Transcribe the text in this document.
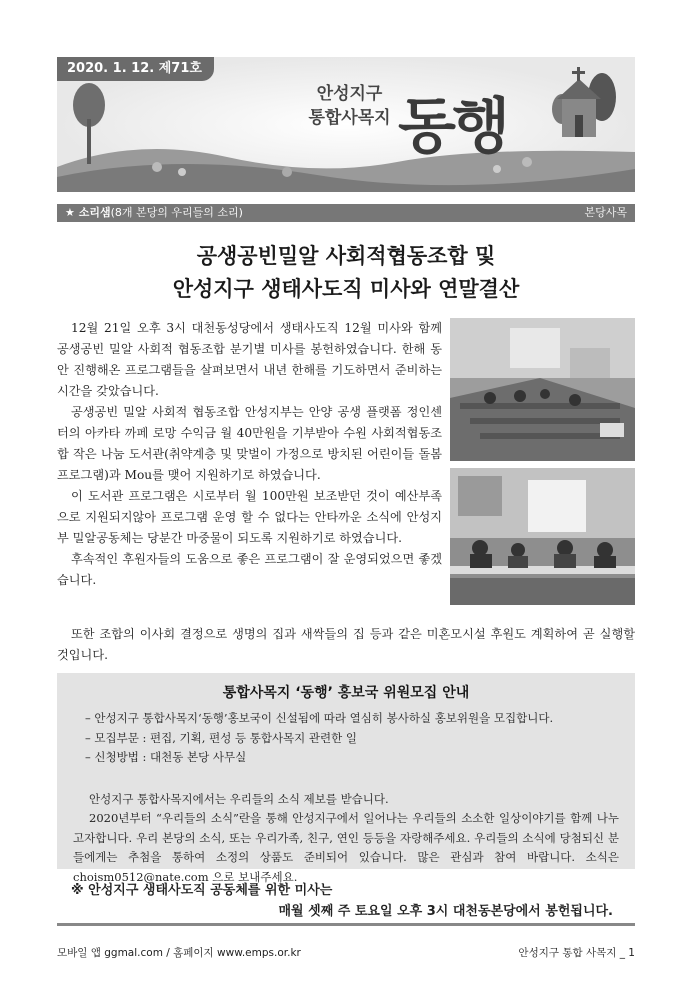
2020. 1. 12. 제71호
안성지구
통합사목지 동행
★ 소리샘(8개 본당의 우리들의 소리)	본당사목
공생공빈밀알 사회적협동조합 및
안성지구 생태사도직 미사와 연말결산

12월 21일 오후 3시 대천동성당에서 생태사도직 12월 미사와 함께 공생공빈 밀알 사회적 협동조합 분기별 미사를 봉헌하였습니다. 한해 동안 진행해온 프로그램들을 살펴보면서 내년 한해를 기도하면서 준비하는 시간을 갖았습니다.

공생공빈 밀알 사회적 협동조합 안성지부는 안양 공생 플랫폼 정인센터의 아카타 까페 로망 수익금 월 40만원을 기부받아 수원 사회적협동조합 작은 나눔 도서관(취약계층 및 맞벌이 가정으로 방치된 어린이들 돌봄 프로그램)과 Mou를 맺어 지원하기로 하였습니다.

이 도서관 프로그램은 시로부터 월 100만원 보조받던 것이 예산부족으로 지원되지않아 프로그램 운영 할 수 없다는 안타까운 소식에 안성지부 밀알공동체는 당분간 마중물이 되도록 지원하기로 하였습니다.

후속적인 후원자들의 도움으로 좋은 프로그램이 잘 운영되었으면 좋겠습니다.

또한 조합의 이사회 결정으로 생명의 집과 새싹들의 집 등과 같은 미혼모시설 후원도 계획하여 곧 실행할 것입니다.

통합사목지 ‘동행’ 홍보국 위원모집 안내
– 안성지구 통합사목지‘동행’홍보국이 신설됨에 따라 열심히 봉사하실 홍보위원을 모집합니다.
– 모집부문 : 편집, 기획, 편성 등 통합사목지 관련한 일
– 신청방법 : 대천동 본당 사무실

안성지구 통합사목지에서는 우리들의 소식 제보를 받습니다.

2020년부터 “우리들의 소식”란을 통해 안성지구에서 일어나는 우리들의 소소한 일상이야기를 함께 나누고자합니다. 우리 본당의 소식, 또는 우리가족, 친구, 연인 등등을 자랑해주세요. 우리들의 소식에 당첨되신 분들에게는 추첨을 통하여 소정의 상품도 준비되어 있습니다. 많은 관심과 참여 바랍니다. 소식은 choism0512@nate.com 으로 보내주세요.

※ 안성지구 생태사도직 공동체를 위한 미사는
매월 셋째 주 토요일 오후 3시 대천동본당에서 봉헌됩니다.
모바일 앱 ggmal.com / 홈페이지 www.emps.or.kr	안성지구 통합 사목지 _ 1
